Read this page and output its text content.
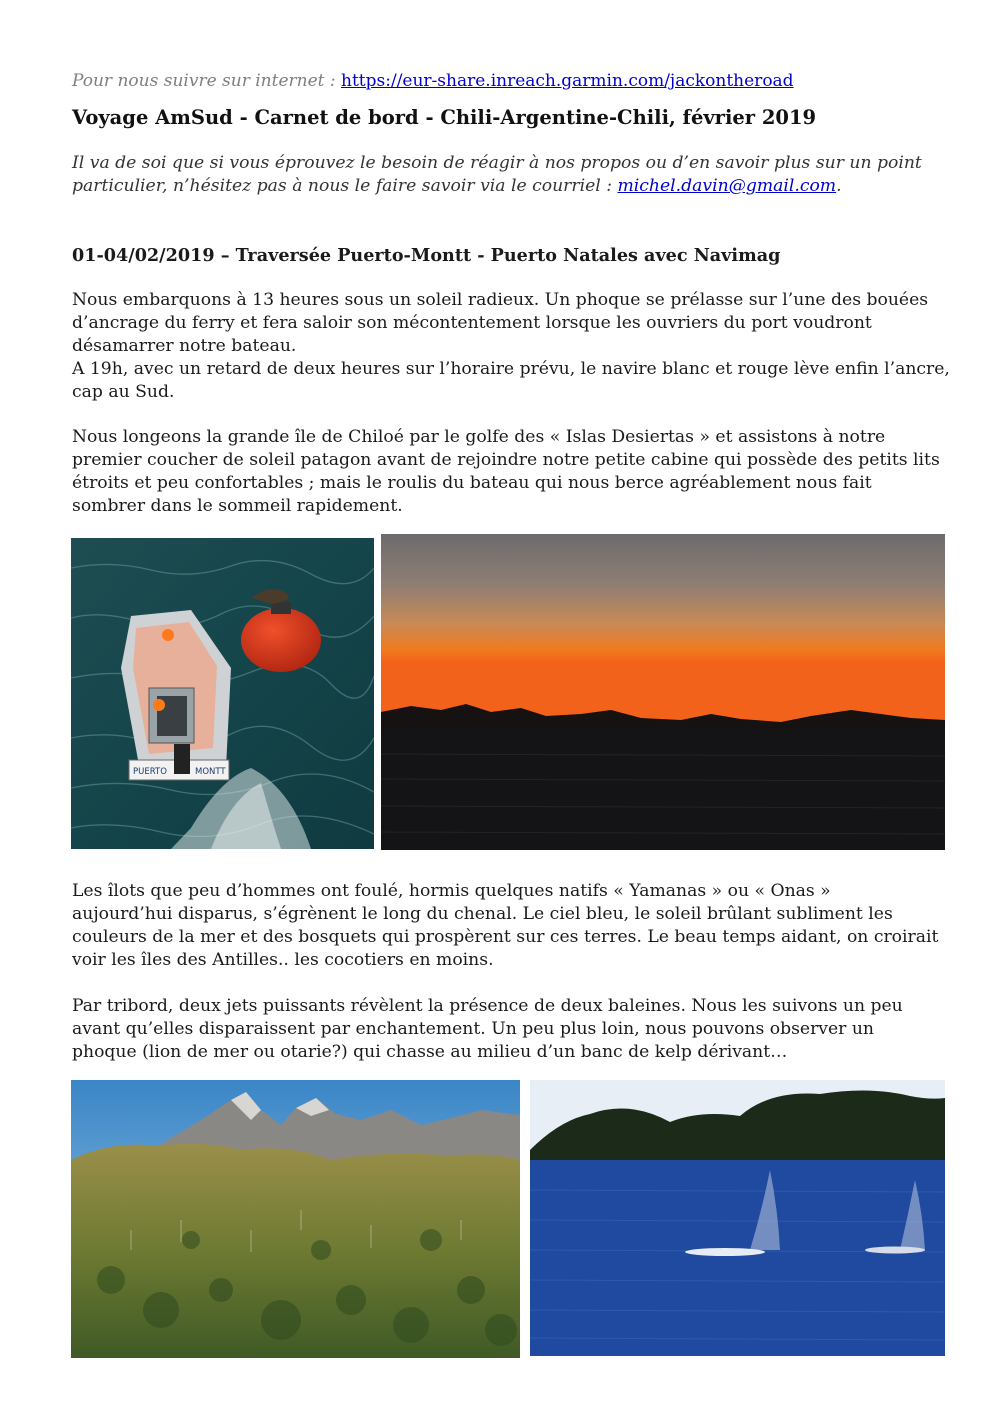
Pour nous suivre sur internet : https://eur-share.inreach.garmin.com/jackontheroad
Voyage AmSud - Carnet de bord - Chili-Argentine-Chili, février 2019
Il va de soi que si vous éprouvez le besoin de réagir à nos propos ou d’en savoir plus sur un point
particulier, n’hésitez pas à nous le faire savoir via le courriel : michel.davin@gmail.com.
01-04/02/2019 – Traversée Puerto-Montt - Puerto Natales avec Navimag
Nous embarquons à 13 heures sous un soleil radieux. Un phoque se prélasse sur l’une des bouées
d’ancrage du ferry et fera saloir son mécontentement lorsque les ouvriers du port voudront
désamarrer notre bateau.
A 19h, avec un retard de deux heures sur l’horaire prévu, le navire blanc et rouge lève enfin l’ancre,
cap au Sud.
Nous longeons la grande île de Chiloé par le golfe des « Islas Desiertas » et assistons à notre
premier coucher de soleil patagon avant de rejoindre notre petite cabine qui possède des petits lits
étroits et peu confortables ; mais le roulis du bateau qui nous berce agréablement nous fait
sombrer dans le sommeil rapidement.
PUERTO	MONTT
Les îlots que peu d’hommes ont foulé, hormis quelques natifs « Yamanas » ou « Onas »
aujourd’hui disparus, s’égrènent le long du chenal. Le ciel bleu, le soleil brûlant subliment les
couleurs de la mer et des bosquets qui prospèrent sur ces terres. Le beau temps aidant, on croirait
voir les îles des Antilles.. les cocotiers en moins.
Par tribord, deux jets puissants révèlent la présence de deux baleines. Nous les suivons un peu
avant qu’elles disparaissent par enchantement. Un peu plus loin, nous pouvons observer un
phoque (lion de mer ou otarie?) qui chasse au milieu d’un banc de kelp dérivant…
